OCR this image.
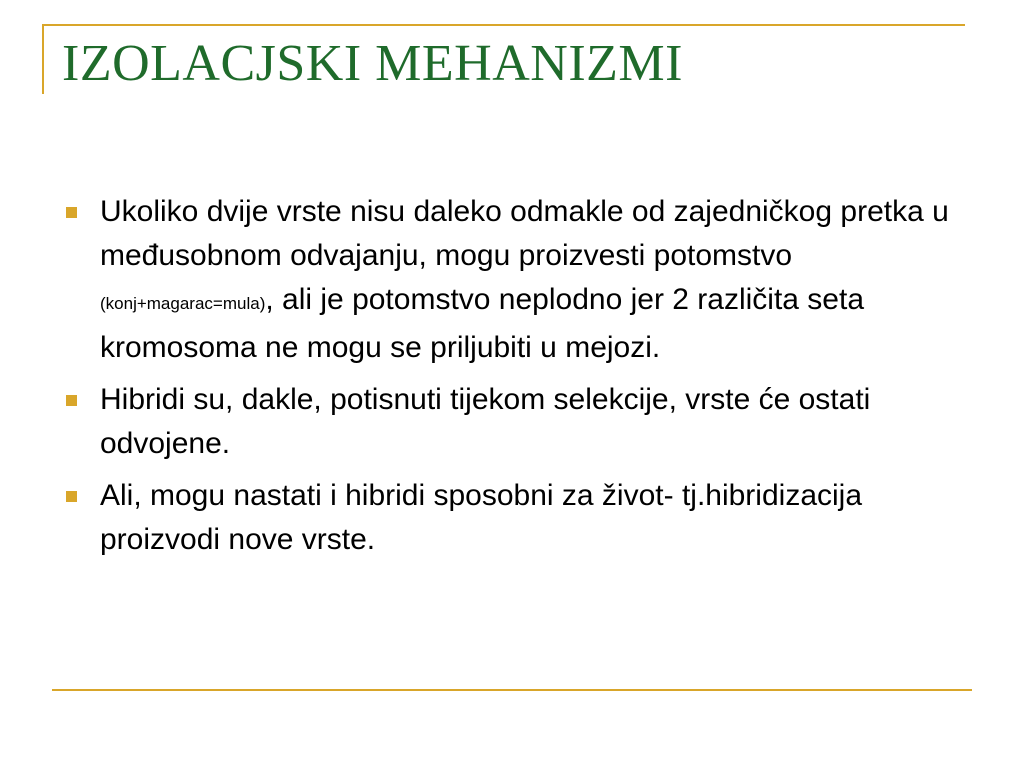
IZOLACJSKI MEHANIZMI
Ukoliko dvije vrste nisu daleko odmakle od zajedničkog pretka u međusobnom odvajanju, mogu proizvesti potomstvo (konj+magarac=mula), ali je potomstvo neplodno jer 2 različita seta kromosoma ne mogu se priljubiti u mejozi.
Hibridi su, dakle, potisnuti tijekom selekcije, vrste će ostati odvojene.
Ali, mogu nastati i hibridi sposobni za život- tj.hibridizacija proizvodi nove vrste.
